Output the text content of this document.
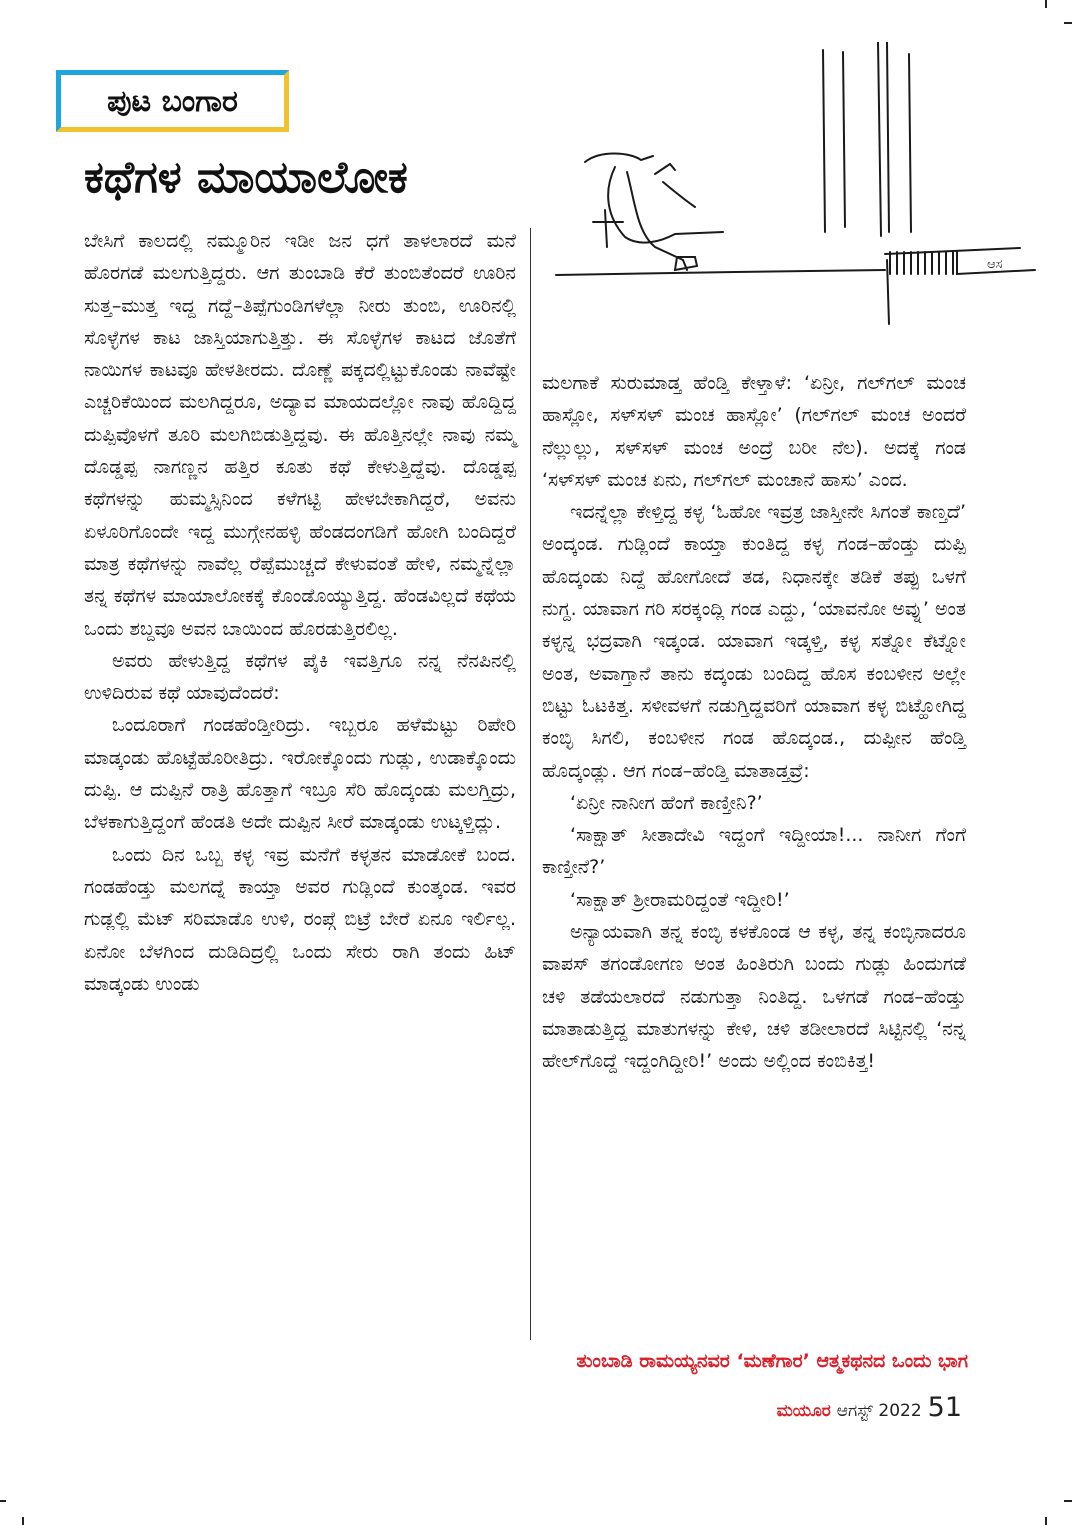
ಪುಟ ಬಂಗಾರ
ಕಥೆಗಳ ಮಾಯಾಲೋಕ
ಆಸ

ಬೇಸಿಗೆ ಕಾಲದಲ್ಲಿ ನಮ್ಮೂರಿನ ಇಡೀ ಜನ ಧಗೆ ತಾಳಲಾರದೆ ಮನೆ ಹೊರಗಡೆ ಮಲಗುತ್ತಿದ್ದರು. ಆಗ ತುಂಬಾಡಿ ಕೆರೆ ತುಂಬಿತೆಂದರೆ ಊರಿನ ಸುತ್ತ–ಮುತ್ತ ಇದ್ದ ಗದ್ದೆ–ತಿಪ್ಪೆಗುಂಡಿಗಳೆಲ್ಲಾ ನೀರು ತುಂಬಿ, ಊರಿನಲ್ಲಿ ಸೊಳ್ಳೆಗಳ ಕಾಟ ಜಾಸ್ತಿಯಾಗುತ್ತಿತ್ತು. ಈ ಸೊಳ್ಳೆಗಳ ಕಾಟದ ಜೊತೆಗೆ ನಾಯಿಗಳ ಕಾಟವೂ ಹೇಳತೀರದು. ದೊಣ್ಣೆ ಪಕ್ಕದಲ್ಲಿಟ್ಟುಕೊಂಡು ನಾವೆಷ್ಟೇ ಎಚ್ಚರಿಕೆಯಿಂದ ಮಲಗಿದ್ದರೂ, ಅದ್ಯಾವ ಮಾಯದಲ್ಲೋ ನಾವು ಹೊದ್ದಿದ್ದ ದುಪ್ಪಿವೊಳಗೆ ತೂರಿ ಮಲಗಿಬಿಡುತ್ತಿದ್ದವು. ಈ ಹೊತ್ತಿನಲ್ಲೇ ನಾವು ನಮ್ಮ ದೊಡ್ಡಪ್ಪ ನಾಗಣ್ಣನ ಹತ್ತಿರ ಕೂತು ಕಥೆ ಕೇಳುತ್ತಿದ್ದೆವು. ದೊಡ್ಡಪ್ಪ ಕಥೆಗಳನ್ನು ಹುಮ್ಮಸ್ಸಿನಿಂದ ಕಳೆಗಟ್ಟಿ ಹೇಳಬೇಕಾಗಿದ್ದರೆ, ಅವನು ಏಳೂರಿಗೊಂದೇ ಇದ್ದ ಮುಗ್ಗೇನಹಳ್ಳಿ ಹೆಂಡದಂಗಡಿಗೆ ಹೋಗಿ ಬಂದಿದ್ದರೆ ಮಾತ್ರ ಕಥೆಗಳನ್ನು ನಾವೆಲ್ಲ ರೆಪ್ಪೆಮುಚ್ಚದೆ ಕೇಳುವಂತೆ ಹೇಳಿ, ನಮ್ಮನ್ನೆಲ್ಲಾ ತನ್ನ ಕಥೆಗಳ ಮಾಯಾಲೋಕಕ್ಕೆ ಕೊಂಡೊಯ್ಯುತ್ತಿದ್ದ. ಹೆಂಡವಿಲ್ಲದೆ ಕಥೆಯ ಒಂದು ಶಬ್ದವೂ ಅವನ ಬಾಯಿಂದ ಹೊರಡುತ್ತಿರಲಿಲ್ಲ.

ಅವರು ಹೇಳುತ್ತಿದ್ದ ಕಥೆಗಳ ಪೈಕಿ ಇವತ್ತಿಗೂ ನನ್ನ ನೆನಪಿನಲ್ಲಿ ಉಳಿದಿರುವ ಕಥೆ ಯಾವುದೆಂದರೆ:

ಒಂದೂರಾಗೆ ಗಂಡಹೆಂಡ್ತೀರಿದ್ರು. ಇಬ್ಬರೂ ಹಳೆಮೆಟ್ಟು ರಿಪೇರಿ ಮಾಡ್ಕಂಡು ಹೊಟ್ಟೆಹೊರೀತಿದ್ರು. ಇರೋಕ್ಕೊಂದು ಗುಡ್ಲು, ಉಡಾಕ್ಕೊಂದು ದುಪ್ಪಿ. ಆ ದುಪ್ಪಿನೆ ರಾತ್ರಿ ಹೊತ್ತಾಗೆ ಇಬ್ರೂ ಸೆರಿ ಹೊದ್ಕಂಡು ಮಲಗ್ತಿದ್ರು, ಬೆಳಕಾಗುತ್ತಿದ್ದಂಗೆ ಹೆಂಡತಿ ಅದೇ ದುಪ್ಪಿನ ಸೀರೆ ಮಾಡ್ಕಂಡು ಉಟ್ಕಳ್ತಿದ್ಲು.

ಒಂದು ದಿನ ಒಬ್ಬ ಕಳ್ಳ ಇವ್ರ ಮನೆಗೆ ಕಳ್ಳತನ ಮಾಡೋಕೆ ಬಂದ. ಗಂಡಹೆಂಡ್ತು ಮಲಗದ್ನೆ ಕಾಯ್ತಾ ಅವರ ಗುಡ್ಲಿಂದೆ ಕುಂತ್ಕಂಡ. ಇವರ ಗುಡ್ಲಲ್ಲಿ ಮೆಟ್ ಸರಿಮಾಡೊ ಉಳಿ, ರಂಪ್ಗೆ ಬಿಟ್ರೆ ಬೇರೆ ಏನೂ ಇರ್ಲಿಲ್ಲ. ಏನೋ ಬೆಳಗಿಂದ ದುಡಿದಿದ್ರಲ್ಲಿ ಒಂದು ಸೇರು ರಾಗಿ ತಂದು ಹಿಟ್ ಮಾಡ್ಕಂಡು ಉಂಡು

ಮಲಗಾಕೆ ಸುರುಮಾಡ್ತ ಹೆಂಡ್ತಿ ಕೇಳ್ತಾಳೆ: ‘ಏನ್ರೀ, ಗಲ್‌ಗಲ್ ಮಂಚ ಹಾಸ್ಲೋ, ಸಳ್‌ಸಳ್ ಮಂಚ ಹಾಸ್ಲೋ’ (ಗಲ್‌ಗಲ್ ಮಂಚ ಅಂದರೆ ನೆಲ್ಲುಲ್ಲು, ಸಳ್‌ಸಳ್ ಮಂಚ ಅಂದ್ರೆ ಬರೀ ನೆಲ). ಅದಕ್ಕೆ ಗಂಡ ‘ಸಳ್‌ಸಳ್ ಮಂಚ ಏನು, ಗಲ್‌ಗಲ್ ಮಂಚಾನೆ ಹಾಸು’ ಎಂದ.

ಇದನ್ನೆಲ್ಲಾ ಕೇಳ್ತಿದ್ದ ಕಳ್ಳ ‘ಓಹೋ ಇವ್ರತ್ರ ಜಾಸ್ತೀನೇ ಸಿಗಂತೆ ಕಾಣ್ತದೆ’ ಅಂದ್ಕಂಡ. ಗುಡ್ಲಿಂದೆ ಕಾಯ್ತಾ ಕುಂತಿದ್ದ ಕಳ್ಳ ಗಂಡ–ಹೆಂಡ್ತು ದುಪ್ಪಿ ಹೊದ್ಕಂಡು ನಿದ್ದೆ ಹೋಗೋದೆ ತಡ, ನಿಧಾನಕ್ಕೇ ತಡಿಕೆ ತಪ್ಪು ಒಳಗೆ ನುಗ್ದ. ಯಾವಾಗ ಗರಿ ಸರಕ್ಕಂದ್ಲಿ ಗಂಡ ಎದ್ದು, ‘ಯಾವನೋ ಅವ್ನು’ ಅಂತ ಕಳ್ಳನ್ನ ಭದ್ರವಾಗಿ ಇಡ್ಕಂಡ. ಯಾವಾಗ ಇಡ್ಕಳ್ತಿ, ಕಳ್ಳ ಸತ್ನೋ ಕೆಟ್ನೋ ಅಂತ, ಅವಾಗ್ತಾನೆ ತಾನು ಕದ್ಕಂಡು ಬಂದಿದ್ದ ಹೊಸ ಕಂಬಳೀನ ಅಲ್ಲೇ ಬಿಟ್ಟು ಓಟಕಿತ್ತ. ಸಳೀವಳಗೆ ನಡುಗ್ತಿದ್ದವರಿಗೆ ಯಾವಾಗ ಕಳ್ಳ ಬಿಟ್ಹೋಗಿದ್ದ ಕಂಬ್ಳಿ ಸಿಗಲಿ, ಕಂಬಳೀನ ಗಂಡ ಹೊದ್ಕಂಡ., ದುಪ್ಪೀನ ಹೆಂಡ್ತಿ ಹೊದ್ಕಂಡ್ಲು. ಆಗ ಗಂಡ–ಹೆಂಡ್ತಿ ಮಾತಾಡ್ತವ್ರೆ:

‘ಏನ್ರೀ ನಾನೀಗ ಹೆಂಗೆ ಕಾಣ್ತೀನಿ?’

‘ಸಾಕ್ಷಾತ್ ಸೀತಾದೇವಿ ಇದ್ದಂಗೆ ಇದ್ದೀಯಾ!... ನಾನೀಗ ಗೆಂಗೆ ಕಾಣ್ತೀನೆ?’

‘ಸಾಕ್ಷಾತ್ ಶ್ರೀರಾಮರಿದ್ದಂತೆ ಇದ್ದೀರಿ!’

ಅನ್ಯಾಯವಾಗಿ ತನ್ನ ಕಂಬ್ಳಿ ಕಳಕೊಂಡ ಆ ಕಳ್ಳ, ತನ್ನ ಕಂಬ್ಳಿನಾದರೂ ವಾಪಸ್ ತಗಂಡೋಗಣ ಅಂತ ಹಿಂತಿರುಗಿ ಬಂದು ಗುಡ್ಲು ಹಿಂದುಗಡೆ ಚಳಿ ತಡೆಯಲಾರದೆ ನಡುಗುತ್ತಾ ನಿಂತಿದ್ದ. ಒಳಗಡೆ ಗಂಡ–ಹೆಂಡ್ತು ಮಾತಾಡುತ್ತಿದ್ದ ಮಾತುಗಳನ್ನು ಕೇಳಿ, ಚಳಿ ತಡೀಲಾರದೆ ಸಿಟ್ಟಿನಲ್ಲಿ ‘ನನ್ನ ಹೇಲ್‌ಗೊದ್ದೆ ಇದ್ದಂಗಿದ್ದೀರಿ!’ ಅಂದು ಅಲ್ಲಿಂದ ಕಂಬಿಕಿತ್ತ!

ತುಂಬಾಡಿ ರಾಮಯ್ಯನವರ ‘ಮಣೆಗಾರ’ ಆತ್ಮಕಥನದ ಒಂದು ಭಾಗ
ಮಯೂರ ಆಗಸ್ಟ್ 2022 51
